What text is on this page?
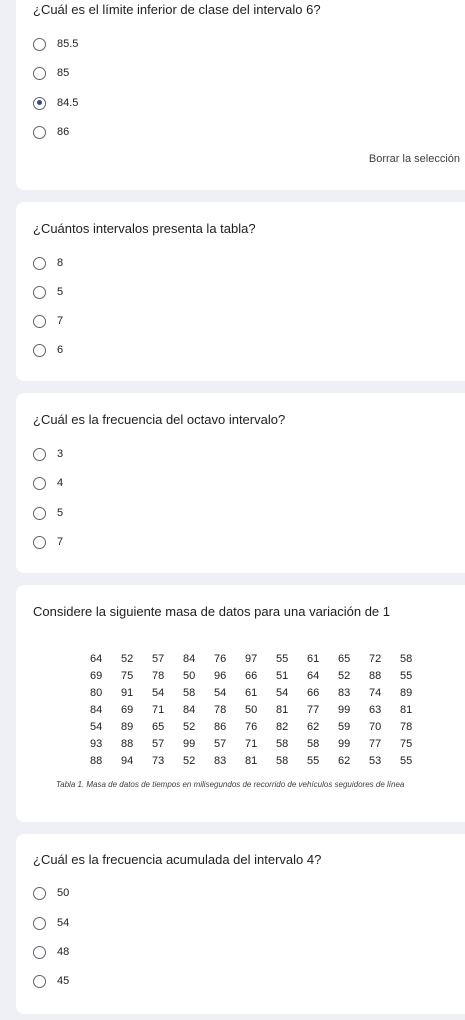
¿Cuál es el límite inferior de clase del intervalo 6?
85.5
85
84.5
86
Borrar la selección
¿Cuántos intervalos presenta la tabla?
8
5
7
6
¿Cuál es la frecuencia del octavo intervalo?
3
4
5
7
Considere la siguiente masa de datos para una variación de 1
64	52	57	84	76	97	55	61	65	72	58
69	75	78	50	96	66	51	64	52	88	55
80	91	54	58	54	61	54	66	83	74	89
84	69	71	84	78	50	81	77	99	63	81
54	89	65	52	86	76	82	62	59	70	78
93	88	57	99	57	71	58	58	99	77	75
88	94	73	52	83	81	58	55	62	53	55
Tabla 1. Masa de datos de tiempos en milisegundos de recorrido de vehículos seguidores de línea
¿Cuál es la frecuencia acumulada del intervalo 4?
50
54
48
45
